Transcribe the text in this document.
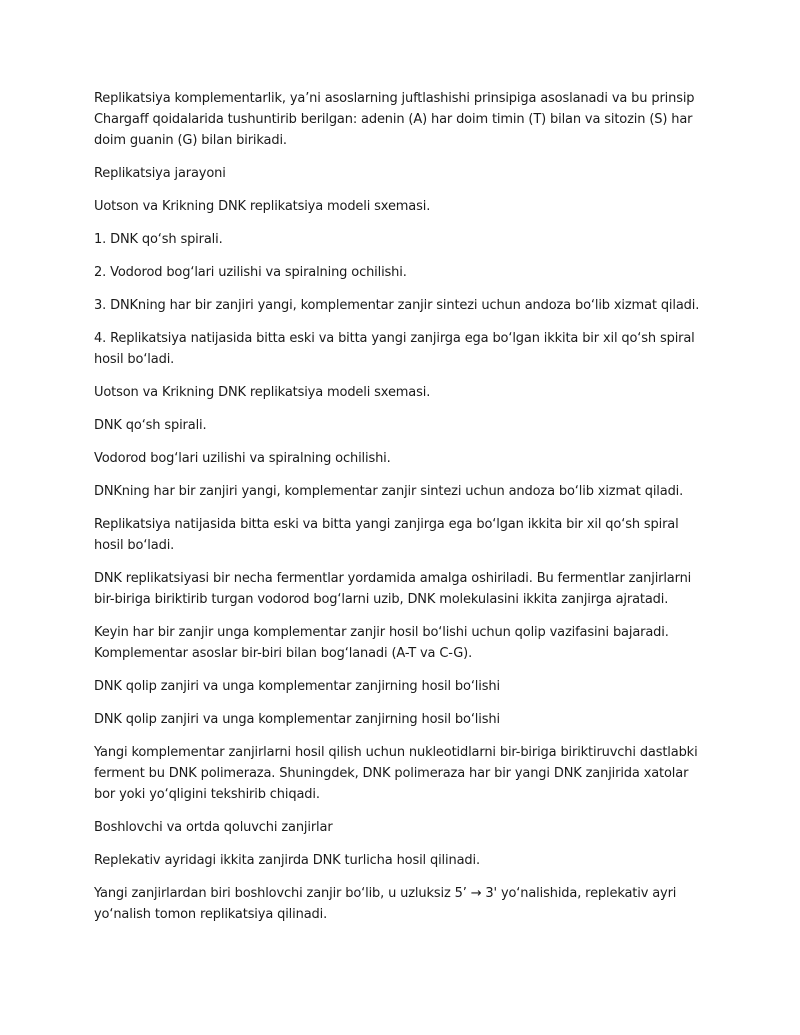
Replikatsiya komplementarlik, ya’ni asoslarning juftlashishi prinsipiga asoslanadi va bu prinsip Chargaff qoidalarida tushuntirib berilgan: adenin (A) har doim timin (T) bilan va sitozin (S) har doim guanin (G) bilan birikadi.

Replikatsiya jarayoni

Uotson va Krikning DNK replikatsiya modeli sxemasi.

1. DNK qo‘sh spirali.

2. Vodorod bog‘lari uzilishi va spiralning ochilishi.

3. DNKning har bir zanjiri yangi, komplementar zanjir sintezi uchun andoza bo‘lib xizmat qiladi.

4. Replikatsiya natijasida bitta eski va bitta yangi zanjirga ega bo‘lgan ikkita bir xil qo‘sh spiral hosil bo‘ladi.

Uotson va Krikning DNK replikatsiya modeli sxemasi.

DNK qo‘sh spirali.

Vodorod bog‘lari uzilishi va spiralning ochilishi.

DNKning har bir zanjiri yangi, komplementar zanjir sintezi uchun andoza bo‘lib xizmat qiladi.

Replikatsiya natijasida bitta eski va bitta yangi zanjirga ega bo‘lgan ikkita bir xil qo‘sh spiral hosil bo‘ladi.

DNK replikatsiyasi bir necha fermentlar yordamida amalga oshiriladi. Bu fermentlar zanjirlarni bir-biriga biriktirib turgan vodorod bog‘larni uzib, DNK molekulasini ikkita zanjirga ajratadi.

Keyin har bir zanjir unga komplementar zanjir hosil bo‘lishi uchun qolip vazifasini bajaradi. Komplementar asoslar bir-biri bilan bog‘lanadi (A-T va C-G).

DNK qolip zanjiri va unga komplementar zanjirning hosil bo‘lishi

DNK qolip zanjiri va unga komplementar zanjirning hosil bo‘lishi

Yangi komplementar zanjirlarni hosil qilish uchun nukleotidlarni bir-biriga biriktiruvchi dastlabki ferment bu DNK polimeraza. Shuningdek, DNK polimeraza har bir yangi DNK zanjirida xatolar bor yoki yo‘qligini tekshirib chiqadi.

Boshlovchi va ortda qoluvchi zanjirlar

Replekativ ayridagi ikkita zanjirda DNK turlicha hosil qilinadi.

Yangi zanjirlardan biri boshlovchi zanjir bo‘lib, u uzluksiz 5’ → 3' yo‘nalishida, replekativ ayri yo‘nalish tomon replikatsiya qilinadi.
